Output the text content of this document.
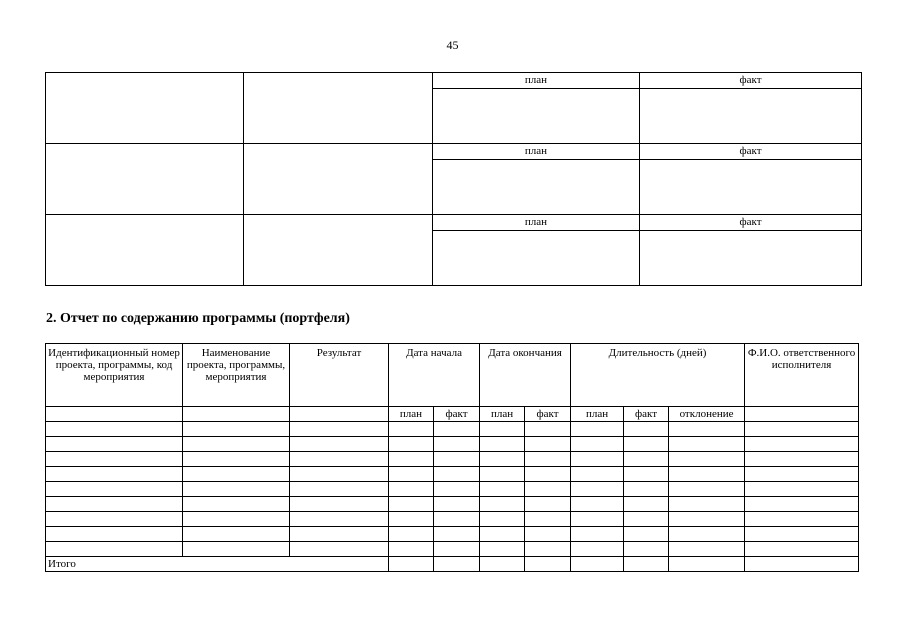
45
		план	факт

		план	факт

		план	факт

2. Отчет по содержанию программы (портфеля)
Идентификационный номер проекта, программы, код мероприятия	Наименование проекта, программы, мероприятия	Результат	Дата начала		Дата окончания		Длительность (дней)			Ф.И.О. ответственного исполнителя
			план	факт	план	факт	план	факт	отклонение	

Итого										
